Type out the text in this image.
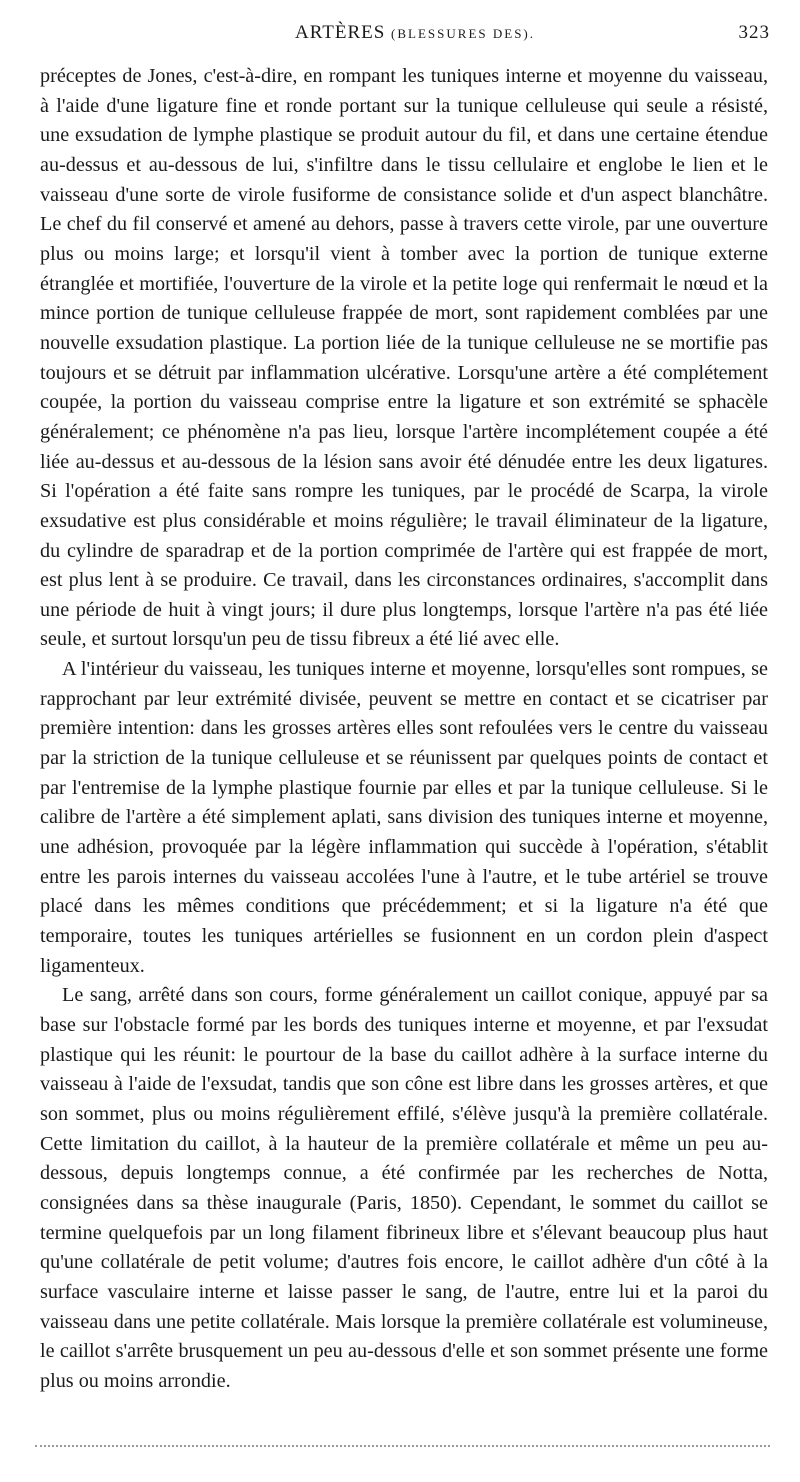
ARTÈRES (BLESSURES DES).	323

préceptes de Jones, c'est-à-dire, en rompant les tuniques interne et moyenne du vaisseau, à l'aide d'une ligature fine et ronde portant sur la tunique celluleuse qui seule a résisté, une exsudation de lymphe plastique se produit autour du fil, et dans une certaine étendue au-dessus et au-dessous de lui, s'infiltre dans le tissu cellulaire et englobe le lien et le vaisseau d'une sorte de virole fusiforme de consistance solide et d'un aspect blanchâtre. Le chef du fil conservé et amené au dehors, passe à travers cette virole, par une ouverture plus ou moins large; et lorsqu'il vient à tomber avec la portion de tunique externe étranglée et mortifiée, l'ouverture de la virole et la petite loge qui renfermait le nœud et la mince portion de tunique celluleuse frappée de mort, sont rapidement comblées par une nouvelle exsudation plastique. La portion liée de la tunique celluleuse ne se mortifie pas toujours et se détruit par inflammation ulcérative. Lorsqu'une artère a été complétement coupée, la portion du vaisseau comprise entre la ligature et son extrémité se sphacèle généralement; ce phénomène n'a pas lieu, lorsque l'artère incomplétement coupée a été liée au-dessus et au-dessous de la lésion sans avoir été dénudée entre les deux ligatures. Si l'opération a été faite sans rompre les tuniques, par le procédé de Scarpa, la virole exsudative est plus considérable et moins régulière; le travail éliminateur de la ligature, du cylindre de sparadrap et de la portion comprimée de l'artère qui est frappée de mort, est plus lent à se produire. Ce travail, dans les circonstances ordinaires, s'accomplit dans une période de huit à vingt jours; il dure plus longtemps, lorsque l'artère n'a pas été liée seule, et surtout lorsqu'un peu de tissu fibreux a été lié avec elle.

A l'intérieur du vaisseau, les tuniques interne et moyenne, lorsqu'elles sont rompues, se rapprochant par leur extrémité divisée, peuvent se mettre en contact et se cicatriser par première intention: dans les grosses artères elles sont refoulées vers le centre du vaisseau par la striction de la tunique celluleuse et se réunissent par quelques points de contact et par l'entremise de la lymphe plastique fournie par elles et par la tunique celluleuse. Si le calibre de l'artère a été simplement aplati, sans division des tuniques interne et moyenne, une adhésion, provoquée par la légère inflammation qui succède à l'opération, s'établit entre les parois internes du vaisseau accolées l'une à l'autre, et le tube artériel se trouve placé dans les mêmes conditions que précédemment; et si la ligature n'a été que temporaire, toutes les tuniques artérielles se fusionnent en un cordon plein d'aspect ligamenteux.

Le sang, arrêté dans son cours, forme généralement un caillot conique, appuyé par sa base sur l'obstacle formé par les bords des tuniques interne et moyenne, et par l'exsudat plastique qui les réunit: le pourtour de la base du caillot adhère à la surface interne du vaisseau à l'aide de l'exsudat, tandis que son cône est libre dans les grosses artères, et que son sommet, plus ou moins régulièrement effilé, s'élève jusqu'à la première collatérale. Cette limitation du caillot, à la hauteur de la première collatérale et même un peu au-dessous, depuis longtemps connue, a été confirmée par les recherches de Notta, consignées dans sa thèse inaugurale (Paris, 1850). Cependant, le sommet du caillot se termine quelquefois par un long filament fibrineux libre et s'élevant beaucoup plus haut qu'une collatérale de petit volume; d'autres fois encore, le caillot adhère d'un côté à la surface vasculaire interne et laisse passer le sang, de l'autre, entre lui et la paroi du vaisseau dans une petite collatérale. Mais lorsque la première collatérale est volumineuse, le caillot s'arrête brusquement un peu au-dessous d'elle et son sommet présente une forme plus ou moins arrondie.
